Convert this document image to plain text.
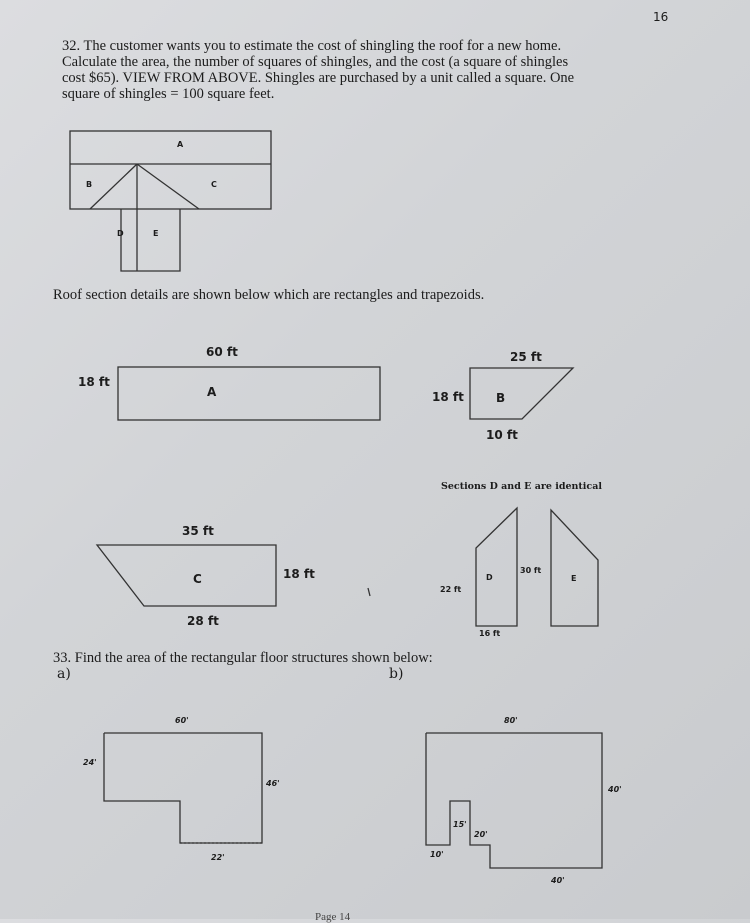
16
32. The customer wants you to estimate the cost of shingling the roof for a new home.
Calculate the area, the number of squares of shingles, and the cost (a square of shingles
cost $65). VIEW FROM ABOVE. Shingles are purchased by a unit called a square. One
square of shingles = 100 square feet.
A
B	C
D	E
Roof section details are shown below which are rectangles and trapezoids.
60 ft
18 ft
A
25 ft
18 ft	B
10 ft
Sections D and E are identical
35 ft
C	18 ft
28 ft
D
30 ft
E
22 ft
16 ft
33. Find the area of the rectangular floor structures shown below:
a)	b)
60'
24'
46'
22'
80'
40'
15'
20'
10'
40'
Page 14
